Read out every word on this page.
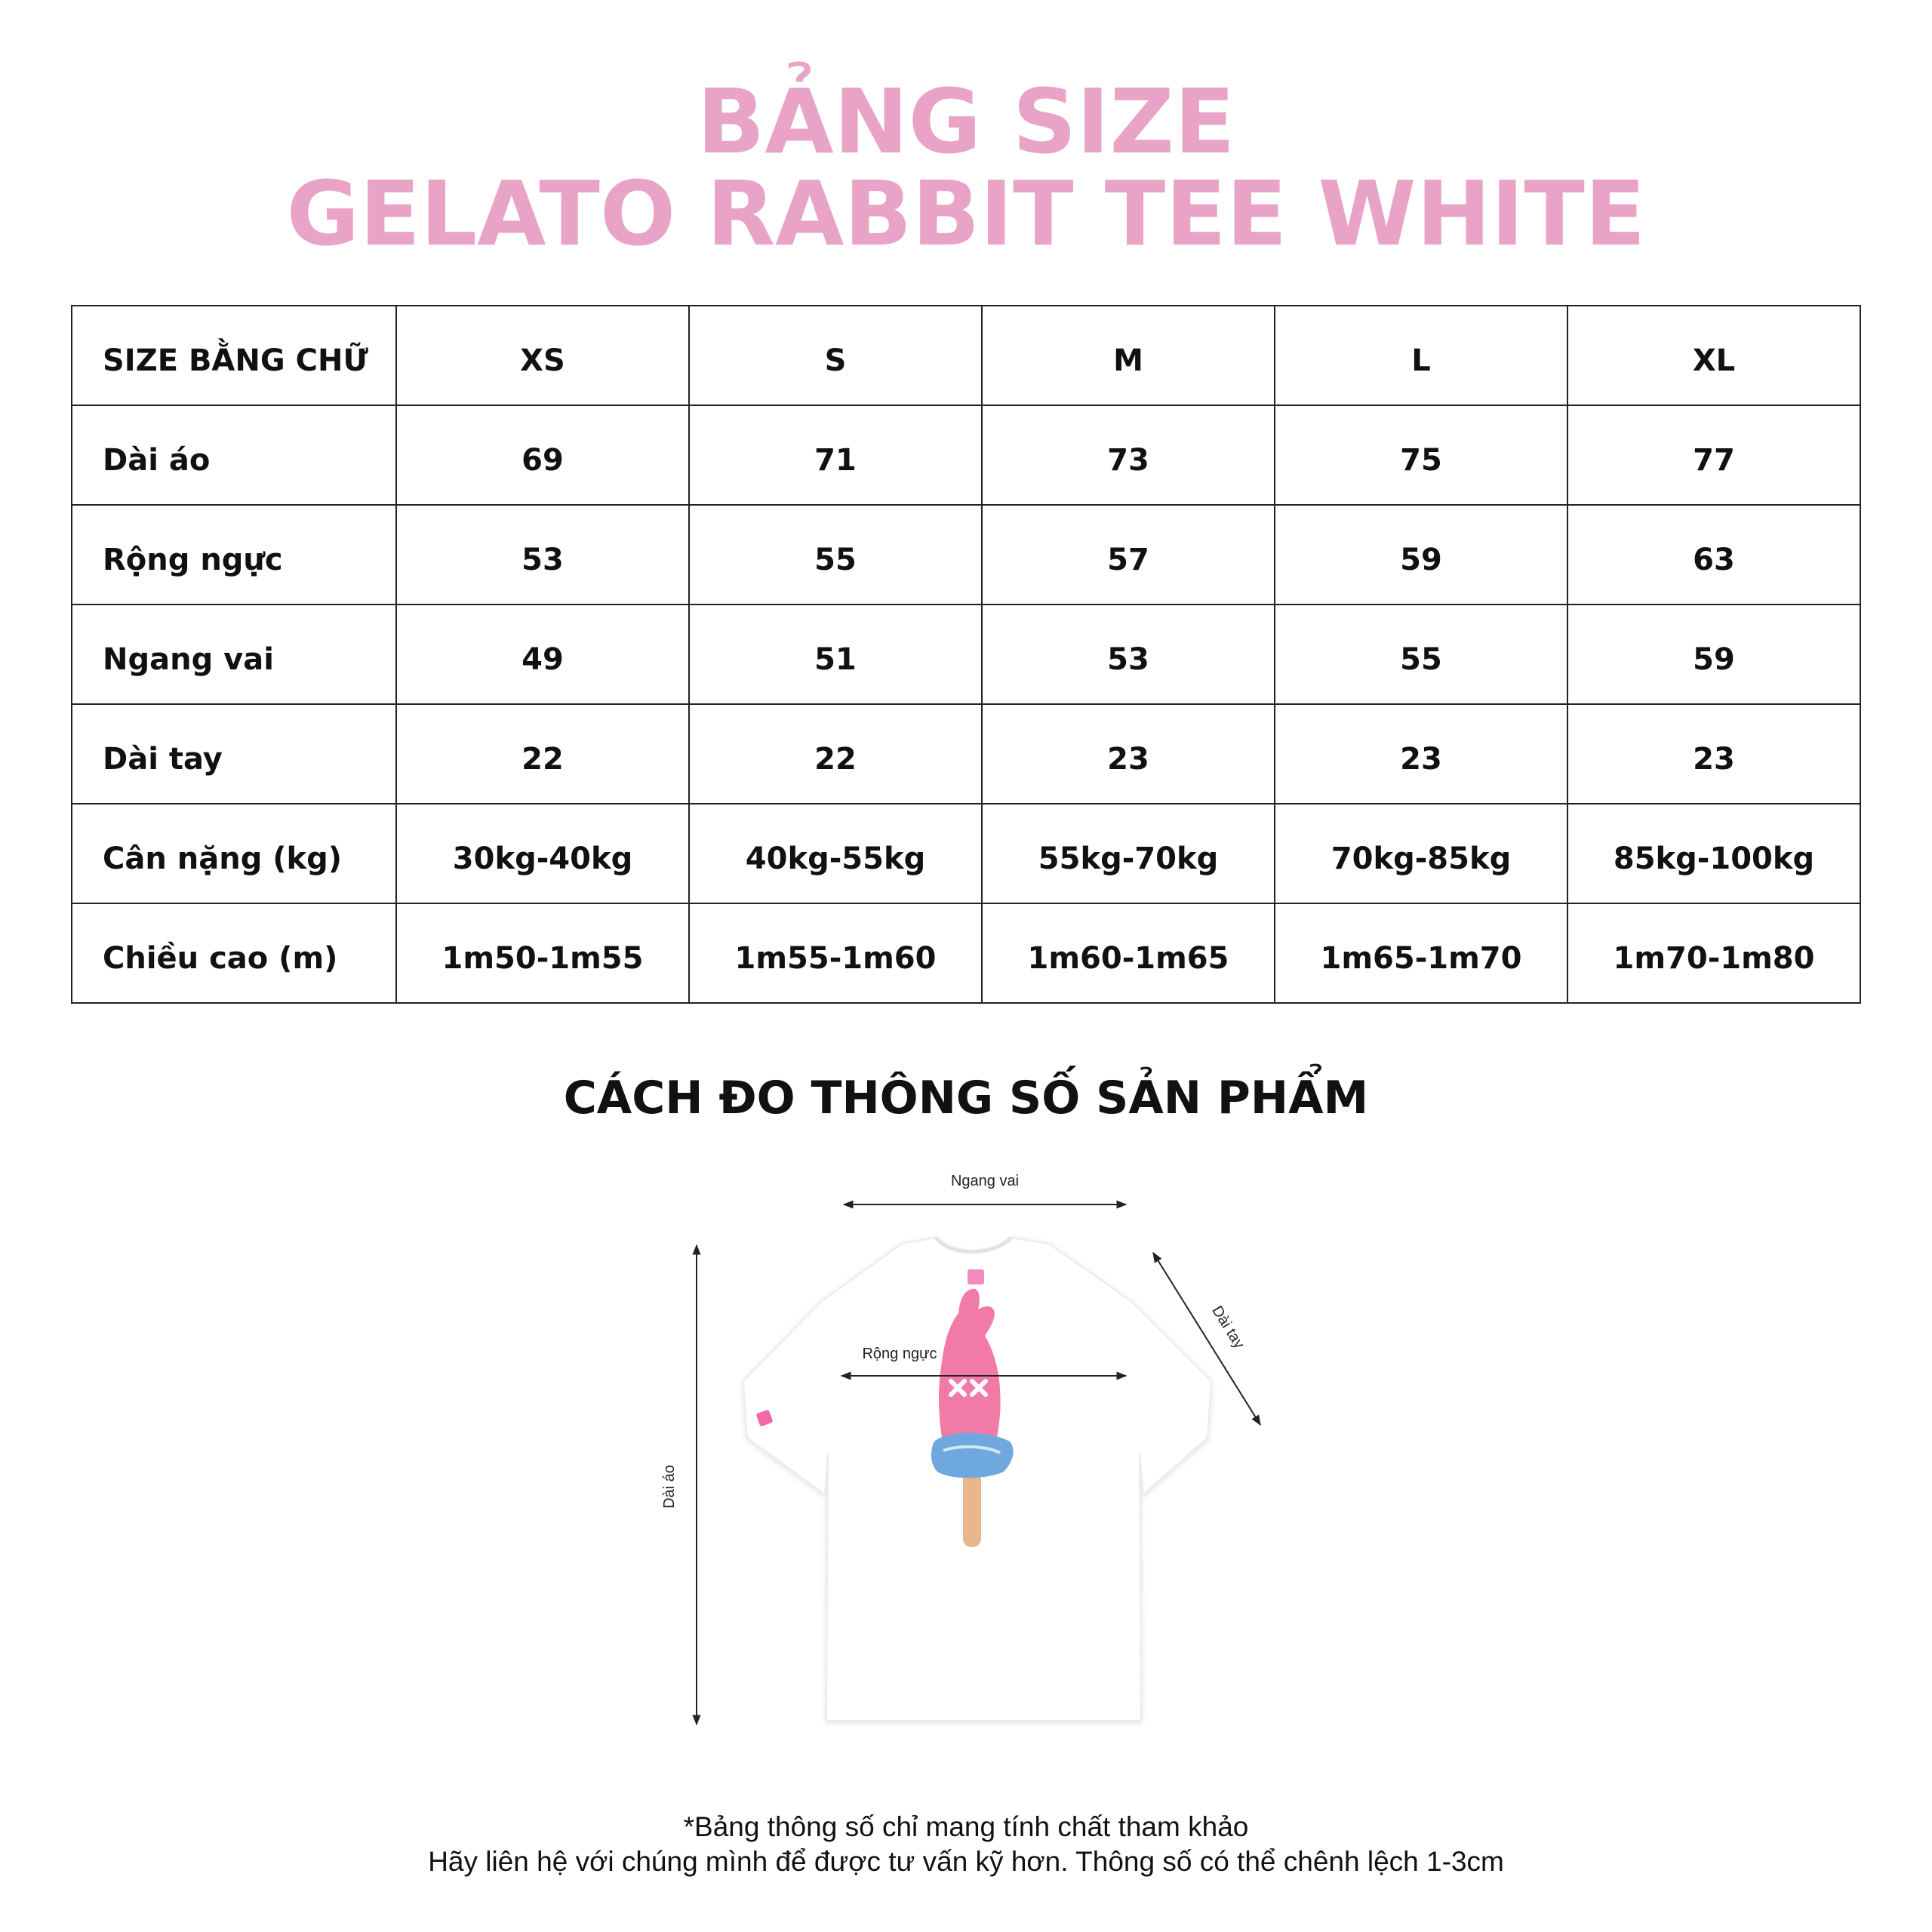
BẢNG SIZE
GELATO RABBIT TEE WHITE
SIZE BẰNG CHỮ	XS	S	M	L	XL
Dài áo	69	71	73	75	77
Rộng ngực	53	55	57	59	63
Ngang vai	49	51	53	55	59
Dài tay	22	22	23	23	23
Cân nặng (kg)	30kg-40kg	40kg-55kg	55kg-70kg	70kg-85kg	85kg-100kg
Chiều cao (m)	1m50-1m55	1m55-1m60	1m60-1m65	1m65-1m70	1m70-1m80
CÁCH ĐO THÔNG SỐ SẢN PHẨM
Ngang vai
Rộng ngực
Dài tay
Dài áo
*Bảng thông số chỉ mang tính chất tham khảo
Hãy liên hệ với chúng mình để được tư vấn kỹ hơn. Thông số có thể chênh lệch 1-3cm
